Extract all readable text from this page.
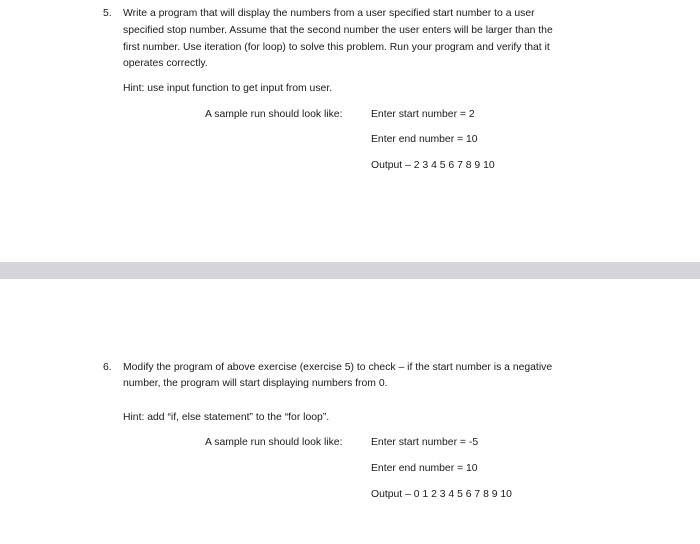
5. Write a program that will display the numbers from a user specified start number to a user
specified stop number. Assume that the second number the user enters will be larger than the
first number. Use iteration (for loop) to solve this problem. Run your program and verify that it
operates correctly.
Hint: use input function to get input from user.
A sample run should look like:	Enter start number = 2
Enter end number = 10
Output – 2 3 4 5 6 7 8 9 10
6. Modify the program of above exercise (exercise 5) to check – if the start number is a negative
number, the program will start displaying numbers from 0.
Hint: add “if, else statement” to the “for loop”.
A sample run should look like:	Enter start number = -5
Enter end number = 10
Output – 0 1 2 3 4 5 6 7 8 9 10
